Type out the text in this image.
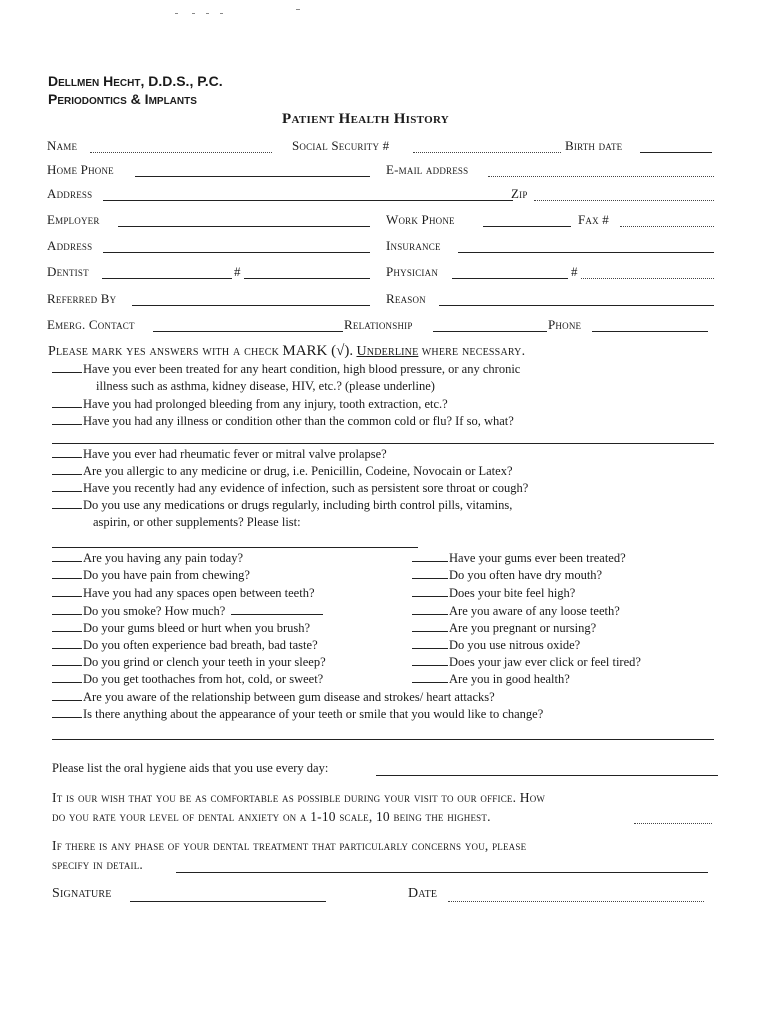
Dellmen Hecht, D.D.S., P.C.
Periodontics & Implants
Patient Health History
Name	Social Security #	Birth date
Home Phone	E-mail address
Address	Zip
Employer	Work Phone	Fax #
Address	Insurance
Dentist	#	Physician	#
Referred By	Reason
Emerg. Contact	Relationship	Phone
Please mark yes answers with a check MARK (√). Underline where necessary.
Have you ever been treated for any heart condition, high blood pressure, or any chronic
illness such as asthma, kidney disease, HIV, etc.? (please underline)
Have you had prolonged bleeding from any injury, tooth extraction, etc.?
Have you had any illness or condition other than the common cold or flu? If so, what?
Have you ever had rheumatic fever or mitral valve prolapse?
Are you allergic to any medicine or drug, i.e. Penicillin, Codeine, Novocain or Latex?
Have you recently had any evidence of infection, such as persistent sore throat or cough?
Do you use any medications or drugs regularly, including birth control pills, vitamins,
aspirin, or other supplements? Please list:
Are you having any pain today?
Do you have pain from chewing?
Have you had any spaces open between teeth?
Do you smoke? How much?
Do your gums bleed or hurt when you brush?
Do you often experience bad breath, bad taste?
Do you grind or clench your teeth in your sleep?
Do you get toothaches from hot, cold, or sweet?
Have your gums ever been treated?
Do you often have dry mouth?
Does your bite feel high?
Are you aware of any loose teeth?
Are you pregnant or nursing?
Do you use nitrous oxide?
Does your jaw ever click or feel tired?
Are you in good health?
Are you aware of the relationship between gum disease and strokes/ heart attacks?
Is there anything about the appearance of your teeth or smile that you would like to change?
Please list the oral hygiene aids that you use every day:
It is our wish that you be as comfortable as possible during your visit to our office. How
do you rate your level of dental anxiety on a 1-10 scale, 10 being the highest.
If there is any phase of your dental treatment that particularly concerns you, please
specify in detail.
Signature	Date
